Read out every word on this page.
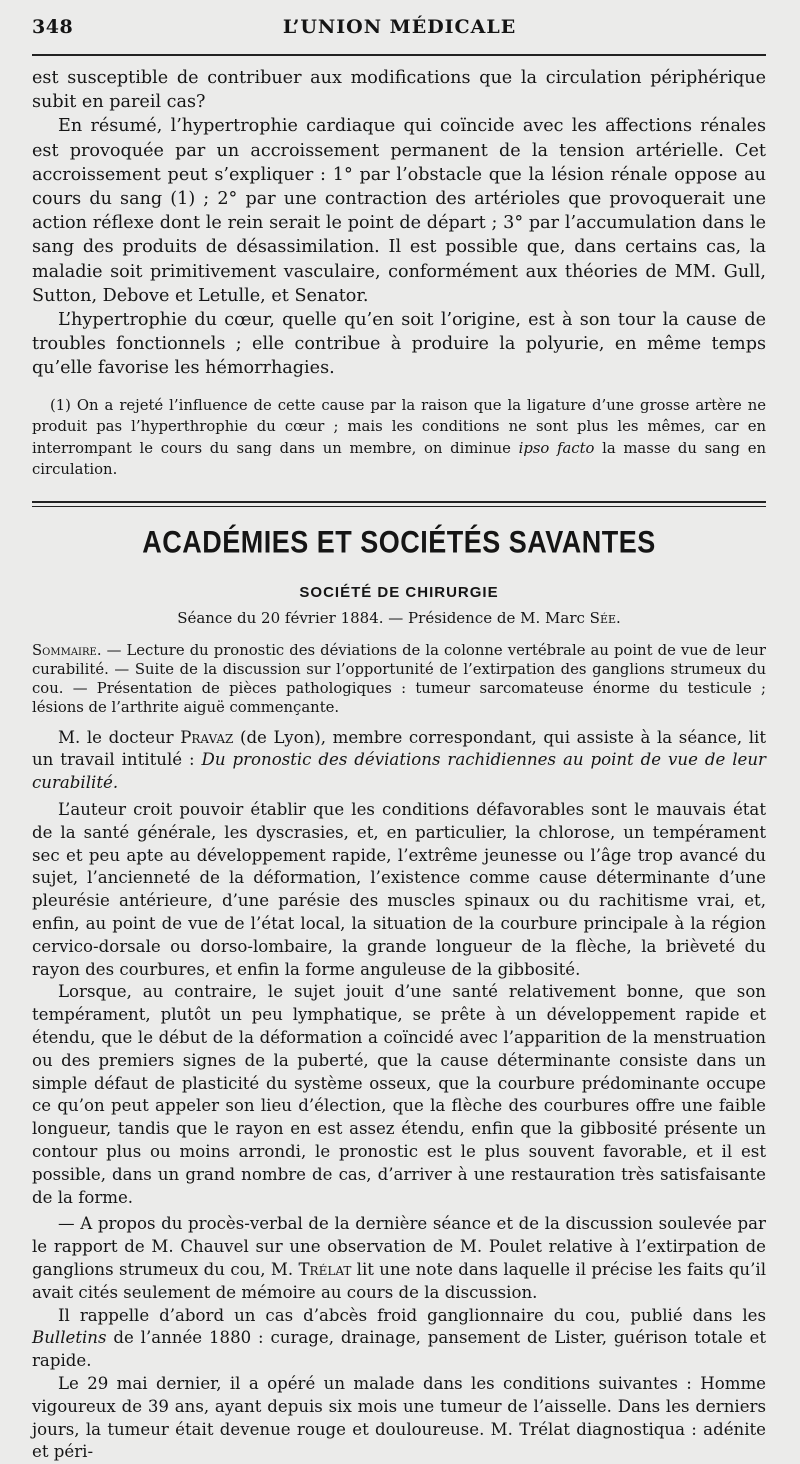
348	L’UNION MÉDICALE

est susceptible de contribuer aux modifications que la circulation périphérique subit en pareil cas?

En résumé, l’hypertrophie cardiaque qui coïncide avec les affections rénales est provoquée par un accroissement permanent de la tension artérielle. Cet accroissement peut s’expliquer : 1° par l’obstacle que la lésion rénale oppose au cours du sang (1) ; 2° par une contraction des artérioles que provoquerait une action réflexe dont le rein serait le point de départ ; 3° par l’accumulation dans le sang des produits de désassimilation. Il est possible que, dans certains cas, la maladie soit primitivement vasculaire, conformément aux théories de MM. Gull, Sutton, Debove et Letulle, et Senator.

L’hypertrophie du cœur, quelle qu’en soit l’origine, est à son tour la cause de troubles fonctionnels ; elle contribue à produire la polyurie, en même temps qu’elle favorise les hémorrhagies.

(1) On a rejeté l’influence de cette cause par la raison que la ligature d’une grosse artère ne produit pas l’hyperthrophie du cœur ; mais les conditions ne sont plus les mêmes, car en interrompant le cours du sang dans un membre, on diminue ipso facto la masse du sang en circulation.

ACADÉMIES ET SOCIÉTÉS SAVANTES
SOCIÉTÉ DE CHIRURGIE
Séance du 20 février 1884. — Présidence de M. Marc Sée.

Sommaire. — Lecture du pronostic des déviations de la colonne vertébrale au point de vue de leur curabilité. — Suite de la discussion sur l’opportunité de l’extirpation des ganglions strumeux du cou. — Présentation de pièces pathologiques : tumeur sarcomateuse énorme du testicule ; lésions de l’arthrite aiguë commençante.

M. le docteur Pravaz (de Lyon), membre correspondant, qui assiste à la séance, lit un travail intitulé : Du pronostic des déviations rachidiennes au point de vue de leur curabilité.

L’auteur croit pouvoir établir que les conditions défavorables sont le mauvais état de la santé générale, les dyscrasies, et, en particulier, la chlorose, un tempérament sec et peu apte au développement rapide, l’extrême jeunesse ou l’âge trop avancé du sujet, l’ancienneté de la déformation, l’existence comme cause déterminante d’une pleurésie antérieure, d’une parésie des muscles spinaux ou du rachitisme vrai, et, enfin, au point de vue de l’état local, la situation de la courbure principale à la région cervico-dorsale ou dorso-lombaire, la grande longueur de la flèche, la brièveté du rayon des courbures, et enfin la forme anguleuse de la gibbosité.

Lorsque, au contraire, le sujet jouit d’une santé relativement bonne, que son tempérament, plutôt un peu lymphatique, se prête à un développement rapide et étendu, que le début de la déformation a coïncidé avec l’apparition de la menstruation ou des premiers signes de la puberté, que la cause déterminante consiste dans un simple défaut de plasticité du système osseux, que la courbure prédominante occupe ce qu’on peut appeler son lieu d’élection, que la flèche des courbures offre une faible longueur, tandis que le rayon en est assez étendu, enfin que la gibbosité présente un contour plus ou moins arrondi, le pronostic est le plus souvent favorable, et il est possible, dans un grand nombre de cas, d’arriver à une restauration très satisfaisante de la forme.

— A propos du procès-verbal de la dernière séance et de la discussion soulevée par le rapport de M. Chauvel sur une observation de M. Poulet relative à l’extirpation de ganglions strumeux du cou, M. Trélat lit une note dans laquelle il précise les faits qu’il avait cités seulement de mémoire au cours de la discussion.

Il rappelle d’abord un cas d’abcès froid ganglionnaire du cou, publié dans les Bulletins de l’année 1880 : curage, drainage, pansement de Lister, guérison totale et rapide.

Le 29 mai dernier, il a opéré un malade dans les conditions suivantes : Homme vigoureux de 39 ans, ayant depuis six mois une tumeur de l’aisselle. Dans les derniers jours, la tumeur était devenue rouge et douloureuse. M. Trélat diagnostiqua : adénite et péri-
